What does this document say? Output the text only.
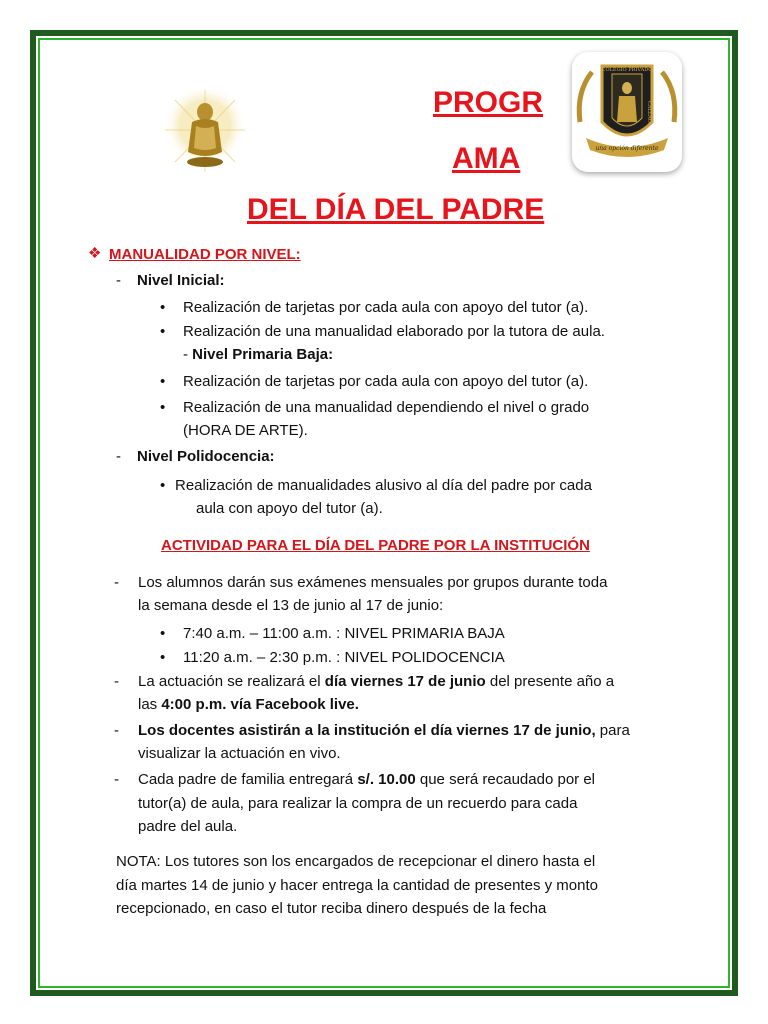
PROGR
AMA
DEL DÍA DEL PADRE
COLEGIO PRIVADO
CALLAO
una opción diferente
❖ MANUALIDAD POR NIVEL:
- Nivel Inicial:
• Realización de tarjetas por cada aula con apoyo del tutor (a).
• Realización de una manualidad elaborado por la tutora de aula.
- Nivel Primaria Baja:
• Realización de tarjetas por cada aula con apoyo del tutor (a).
• Realización de una manualidad dependiendo el nivel o grado
(HORA DE ARTE).
- Nivel Polidocencia:
• Realización de manualidades alusivo al día del padre por cada
aula con apoyo del tutor (a).
ACTIVIDAD PARA EL DÍA DEL PADRE POR LA INSTITUCIÓN
- Los alumnos darán sus exámenes mensuales por grupos durante toda
la semana desde el 13 de junio al 17 de junio:
• 7:40 a.m. – 11:00 a.m. : NIVEL PRIMARIA BAJA
• 11:20 a.m. – 2:30 p.m. : NIVEL POLIDOCENCIA
- La actuación se realizará el día viernes 17 de junio del presente año a
las 4:00 p.m. vía Facebook live.
- Los docentes asistirán a la institución el día viernes 17 de junio, para
visualizar la actuación en vivo.
- Cada padre de familia entregará s/. 10.00 que será recaudado por el
tutor(a) de aula, para realizar la compra de un recuerdo para cada
padre del aula.
NOTA: Los tutores son los encargados de recepcionar el dinero hasta el
día martes 14 de junio y hacer entrega la cantidad de presentes y monto
recepcionado, en caso el tutor reciba dinero después de la fecha
